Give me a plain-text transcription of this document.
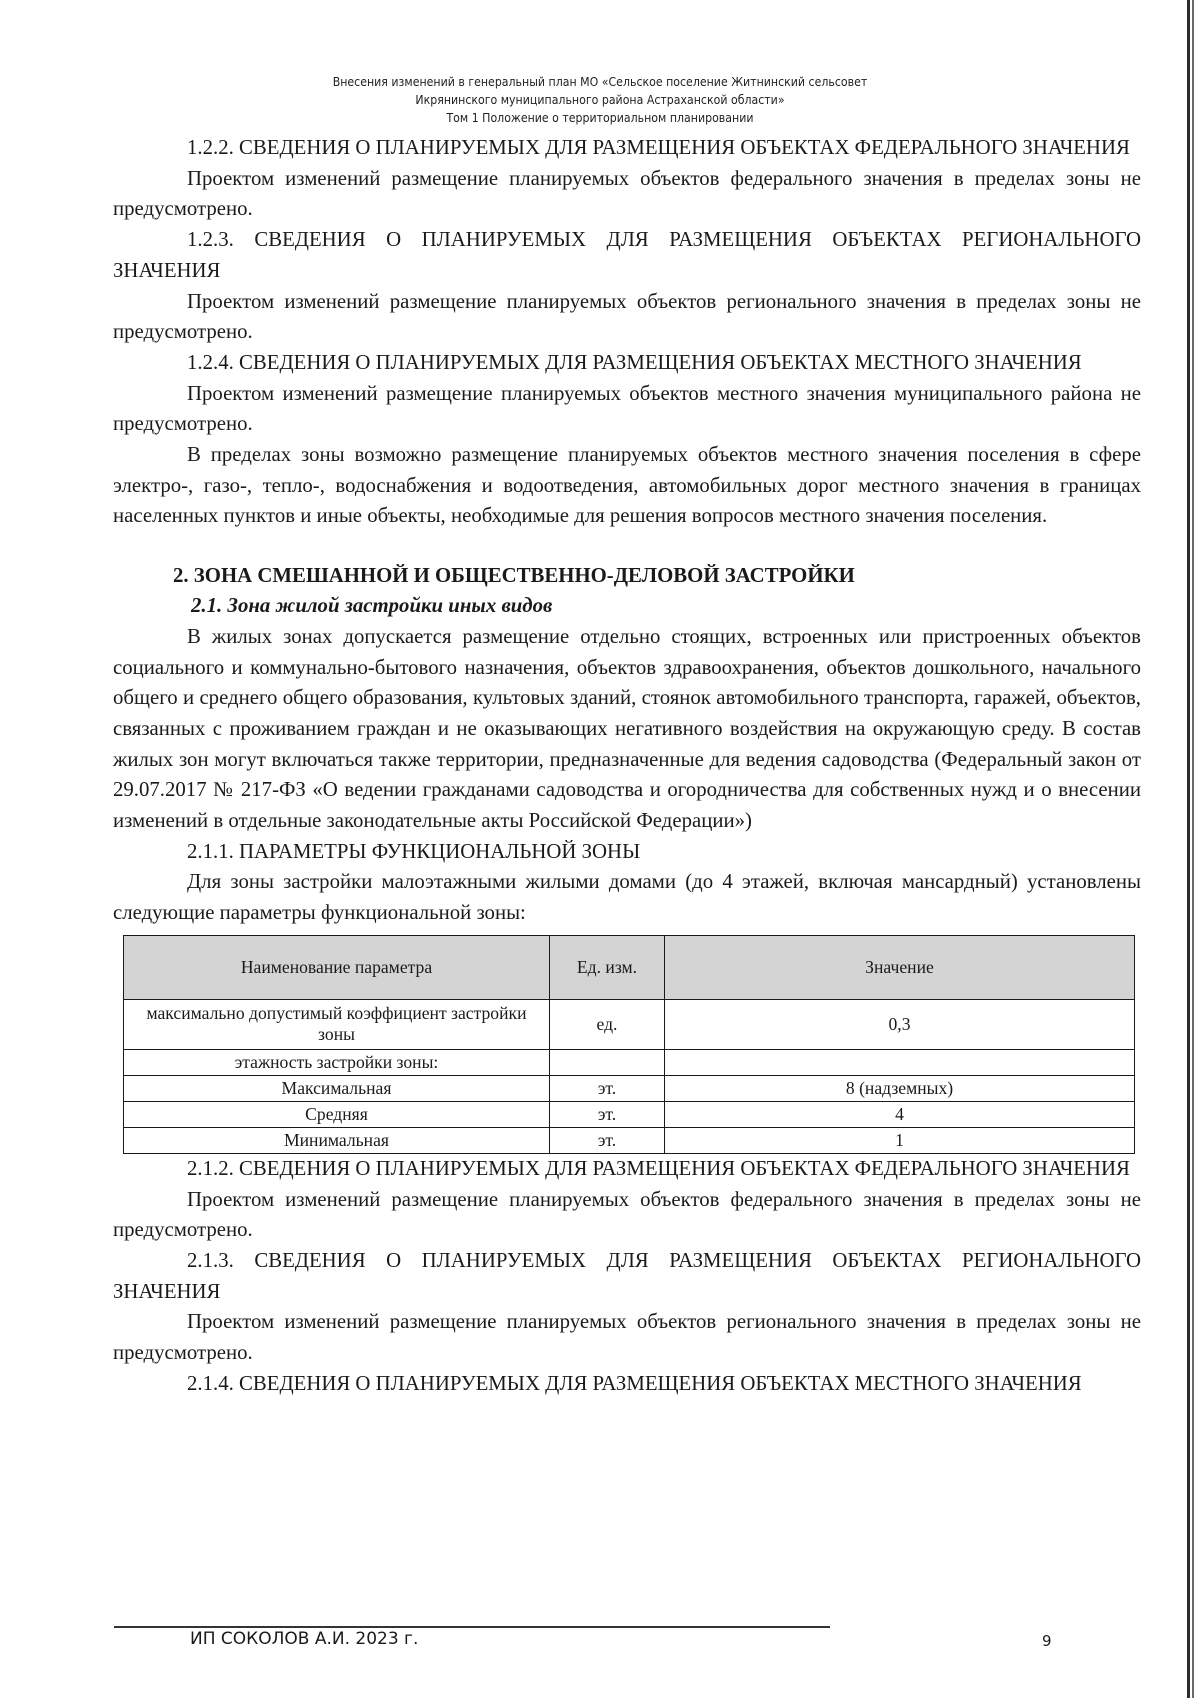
Внесения изменений в генеральный план МО «Сельское поселение Житнинский сельсовет
Икрянинского муниципального района Астраханской области»
Том 1 Положение о территориальном планировании

1.2.2. СВЕДЕНИЯ О ПЛАНИРУЕМЫХ ДЛЯ РАЗМЕЩЕНИЯ ОБЪЕКТАХ ФЕДЕРАЛЬНОГО ЗНАЧЕНИЯ

Проектом изменений размещение планируемых объектов федерального значения в пределах зоны не предусмотрено.

1.2.3. СВЕДЕНИЯ О ПЛАНИРУЕМЫХ ДЛЯ РАЗМЕЩЕНИЯ ОБЪЕКТАХ РЕГИОНАЛЬНОГО ЗНАЧЕНИЯ

Проектом изменений размещение планируемых объектов регионального значения в пределах зоны не предусмотрено.

1.2.4. СВЕДЕНИЯ О ПЛАНИРУЕМЫХ ДЛЯ РАЗМЕЩЕНИЯ ОБЪЕКТАХ МЕСТНОГО ЗНАЧЕНИЯ

Проектом изменений размещение планируемых объектов местного значения муниципального района не предусмотрено.

В пределах зоны возможно размещение планируемых объектов местного значения поселения в сфере электро-, газо-, тепло-, водоснабжения и водоотведения, автомобильных дорог местного значения в границах населенных пунктов и иные объекты, необходимые для решения вопросов местного значения поселения.

2. ЗОНА СМЕШАННОЙ И ОБЩЕСТВЕННО-ДЕЛОВОЙ ЗАСТРОЙКИ

2.1. Зона жилой застройки иных видов

В жилых зонах допускается размещение отдельно стоящих, встроенных или пристроенных объектов социального и коммунально-бытового назначения, объектов здравоохранения, объектов дошкольного, начального общего и среднего общего образования, культовых зданий, стоянок автомобильного транспорта, гаражей, объектов, связанных с проживанием граждан и не оказывающих негативного воздействия на окружающую среду. В состав жилых зон могут включаться также территории, предназначенные для ведения садоводства (Федеральный закон от 29.07.2017 № 217-ФЗ «О ведении гражданами садоводства и огородничества для собственных нужд и о внесении изменений в отдельные законодательные акты Российской Федерации»)

2.1.1. ПАРАМЕТРЫ ФУНКЦИОНАЛЬНОЙ ЗОНЫ

Для зоны застройки малоэтажными жилыми домами (до 4 этажей, включая мансардный) установлены следующие параметры функциональной зоны:

Наименование параметра	Ед. изм.	Значение
максимально допустимый коэффициент застройки зоны	ед.	0,3
этажность застройки зоны:		
Максимальная	эт.	8 (надземных)
Средняя	эт.	4
Минимальная	эт.	1

2.1.2. СВЕДЕНИЯ О ПЛАНИРУЕМЫХ ДЛЯ РАЗМЕЩЕНИЯ ОБЪЕКТАХ ФЕДЕРАЛЬНОГО ЗНАЧЕНИЯ

Проектом изменений размещение планируемых объектов федерального значения в пределах зоны не предусмотрено.

2.1.3. СВЕДЕНИЯ О ПЛАНИРУЕМЫХ ДЛЯ РАЗМЕЩЕНИЯ ОБЪЕКТАХ РЕГИОНАЛЬНОГО ЗНАЧЕНИЯ

Проектом изменений размещение планируемых объектов регионального значения в пределах зоны не предусмотрено.

2.1.4. СВЕДЕНИЯ О ПЛАНИРУЕМЫХ ДЛЯ РАЗМЕЩЕНИЯ ОБЪЕКТАХ МЕСТНОГО ЗНАЧЕНИЯ

ИП СОКОЛОВ А.И. 2023 г.	9
